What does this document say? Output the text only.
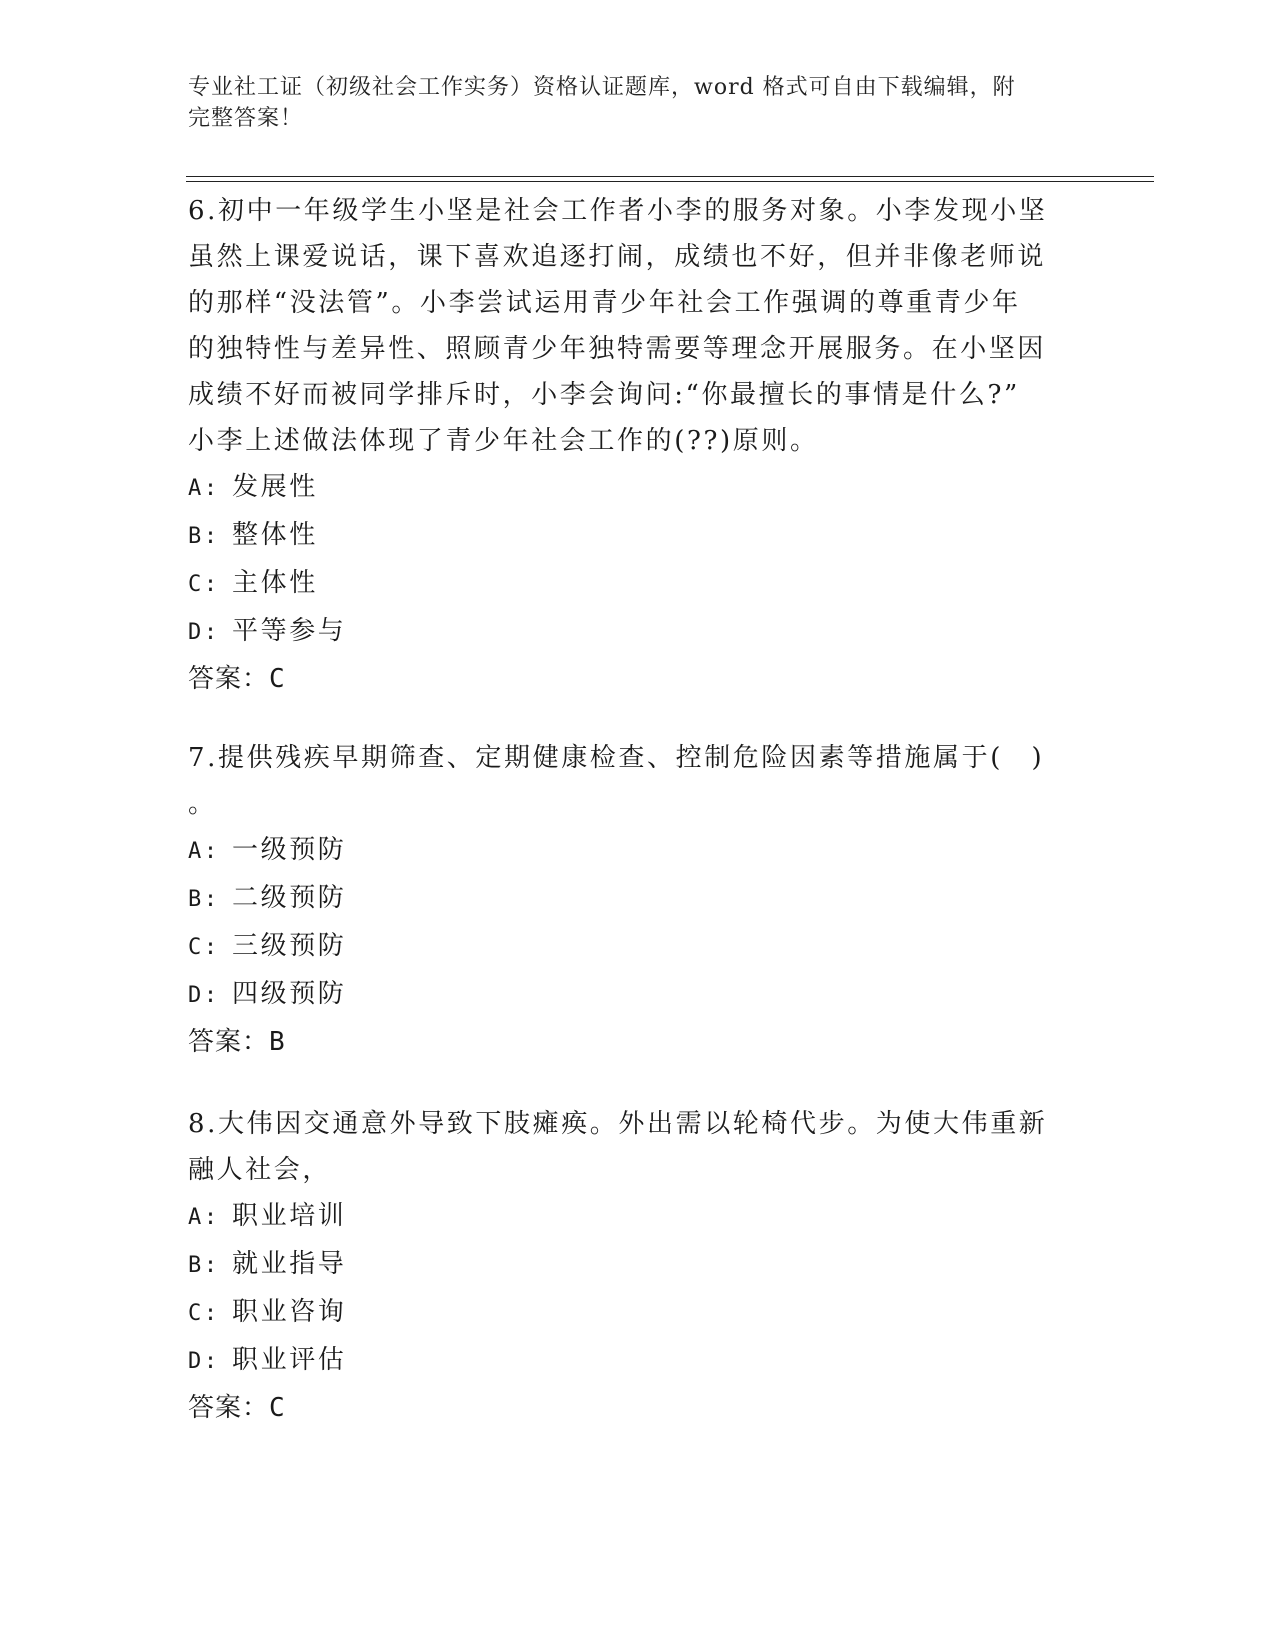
专业社工证（初级社会工作实务）资格认证题库，word 格式可自由下载编辑，附
完整答案！

6.初中一年级学生小坚是社会工作者小李的服务对象。小李发现小坚

虽然上课爱说话，课下喜欢追逐打闹，成绩也不好，但并非像老师说

的那样“没法管”。小李尝试运用青少年社会工作强调的尊重青少年

的独特性与差异性、照顾青少年独特需要等理念开展服务。在小坚因

成绩不好而被同学排斥时，小李会询问:“你最擅长的事情是什么?”

小李上述做法体现了青少年社会工作的(??)原则。

A: 发展性

B: 整体性

C: 主体性

D: 平等参与

答案：C

7.提供残疾早期筛查、定期健康检查、控制危险因素等措施属于(　)

。

A: 一级预防

B: 二级预防

C: 三级预防

D: 四级预防

答案：B

8.大伟因交通意外导致下肢瘫痪。外出需以轮椅代步。为使大伟重新

融人社会，

A: 职业培训

B: 就业指导

C: 职业咨询

D: 职业评估

答案：C
